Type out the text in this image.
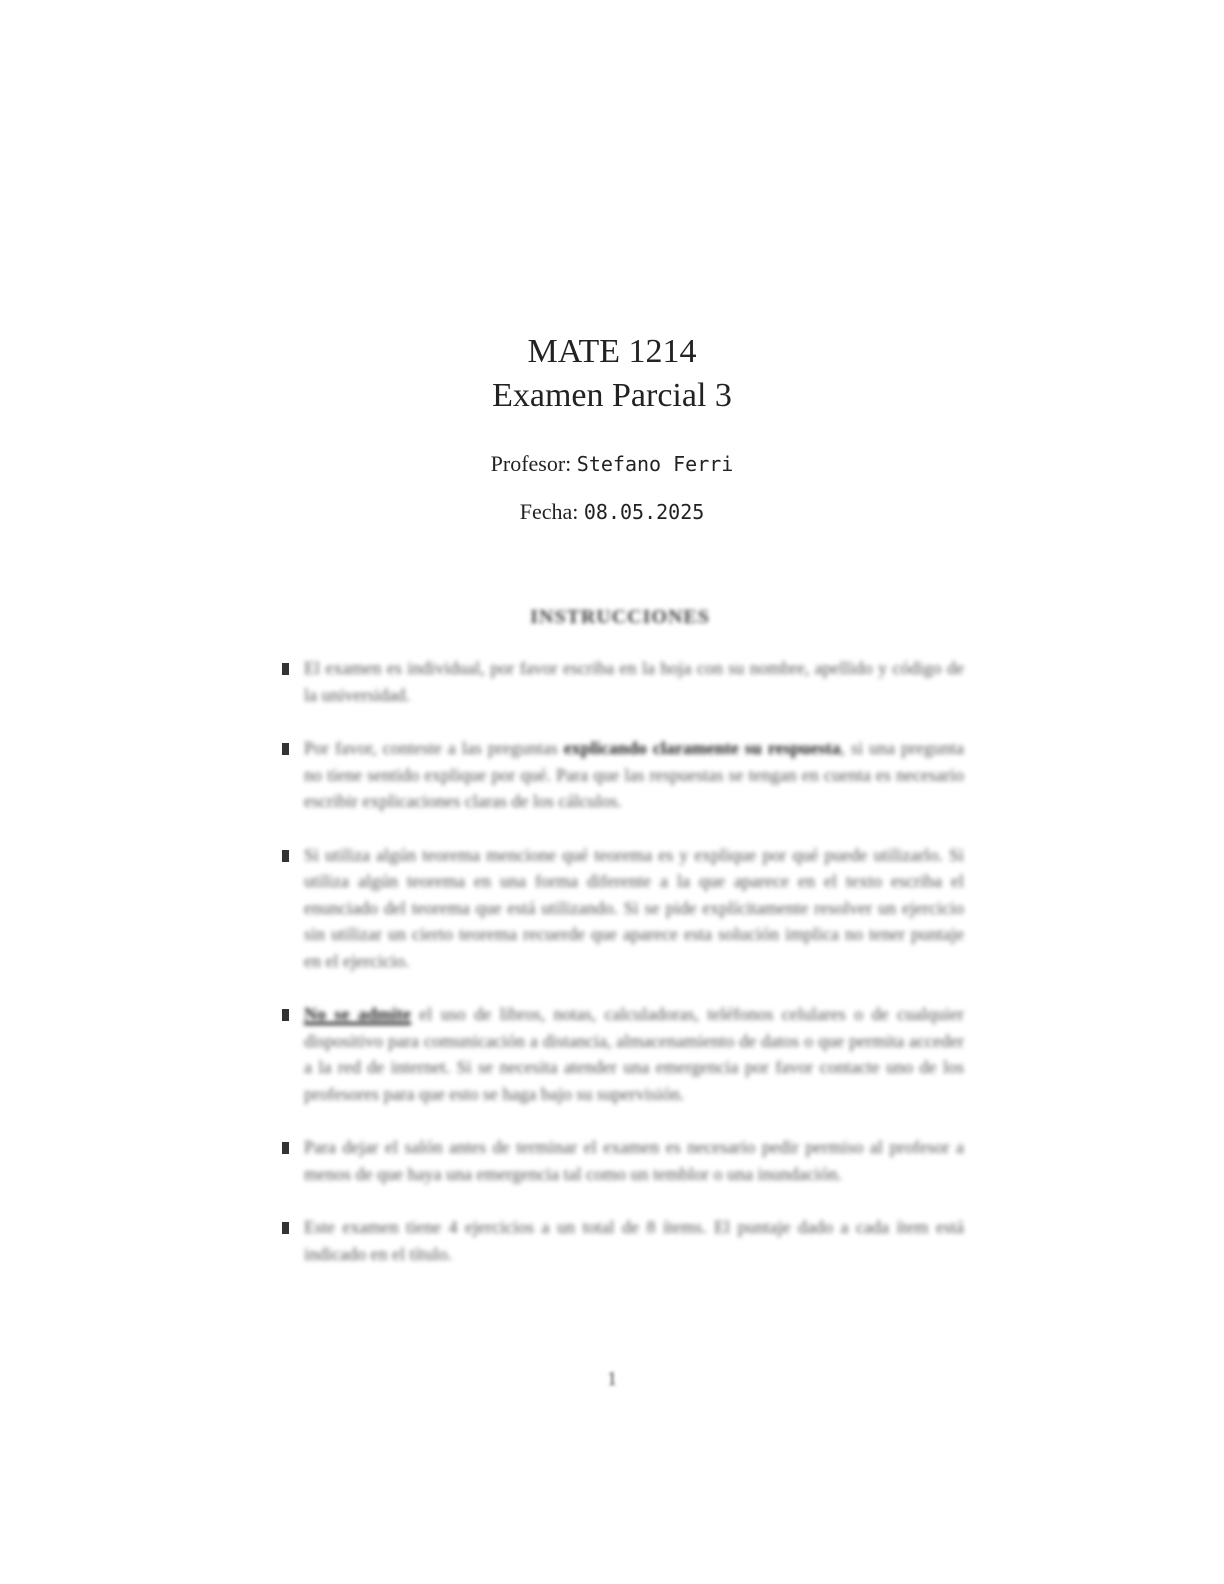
MATE 1214
Examen Parcial 3
Profesor: Stefano Ferri
Fecha: 08.05.2025
INSTRUCCIONES
El examen es individual, por favor escriba en la hoja con su nombre, apellido y código de la universidad.
Por favor, conteste a las preguntas explicando claramente su respuesta, si una pregunta no tiene sentido explique por qué. Para que las respuestas se tengan en cuenta es necesario escribir explicaciones claras de los cálculos.
Si utiliza algún teorema mencione qué teorema es y explique por qué puede utilizarlo. Si utiliza algún teorema en una forma diferente a la que aparece en el texto escriba el enunciado del teorema que está utilizando. Si se pide explícitamente resolver un ejercicio sin utilizar un cierto teorema recuerde que aparece esta solución implica no tener puntaje en el ejercicio.
No se admite el uso de libros, notas, calculadoras, teléfonos celulares o de cualquier dispositivo para comunicación a distancia, almacenamiento de datos o que permita acceder a la red de internet. Si se necesita atender una emergencia por favor contacte uno de los profesores para que esto se haga bajo su supervisión.
Para dejar el salón antes de terminar el examen es necesario pedir permiso al profesor a menos de que haya una emergencia tal como un temblor o una inundación.
Este examen tiene 4 ejercicios a un total de 8 ítems. El puntaje dado a cada ítem está indicado en el título.
1
